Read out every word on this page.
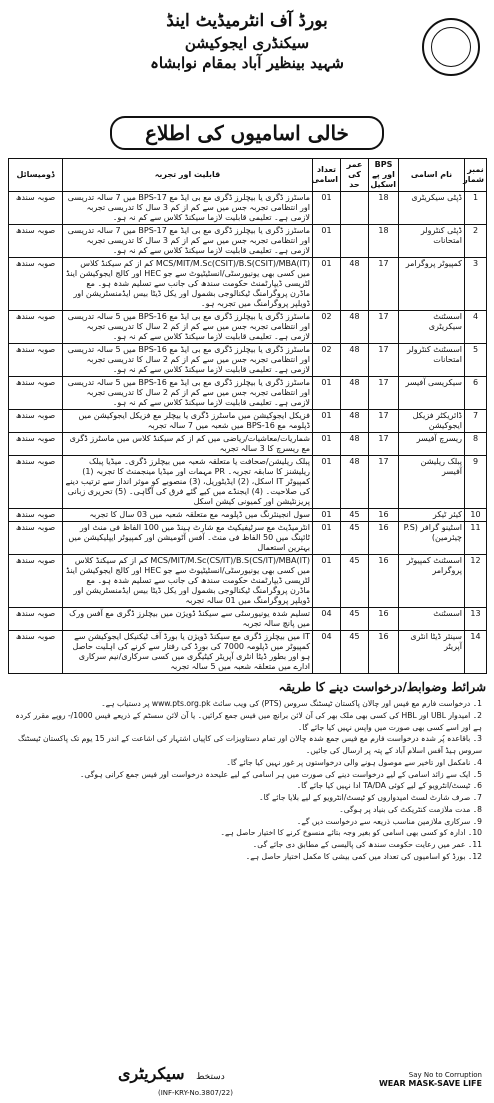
بورڈ آف انٹرمیڈیٹ اینڈ
سیکنڈری ایجوکیشن
شہید بینظیر آباد بمقام نوابشاہ
خالی اسامیوں کی اطلاع
نمبر شمار	نام اسامی	BPS اور پے اسکیل	عمر کی حد	تعداد اسامی	قابلیت اور تجربہ	ڈومیسائل
1	ڈپٹی سیکریٹری	18		01	ماسٹرز ڈگری یا بیچلرز ڈگری مع بی ایڈ مع BPS-17 میں 7 سالہ تدریسی اور انتظامی تجربہ جس میں سے کم از کم 3 سال کا تدریسی تجربہ لازمی ہے۔ تعلیمی قابلیت لازما سیکنڈ کلاس سے کم نہ ہو۔	صوبہ سندھ
2	ڈپٹی کنٹرولر امتحانات	18		01	ماسٹرز ڈگری یا بیچلرز ڈگری مع بی ایڈ مع BPS-17 میں 7 سالہ تدریسی اور انتظامی تجربہ جس میں سے کم از کم 3 سال کا تدریسی تجربہ لازمی ہے۔ تعلیمی قابلیت لازما سیکنڈ کلاس سے کم نہ ہو۔	صوبہ سندھ
3	کمپیوٹر پروگرامر	17	48	01	MCS/MIT/M.Sc(CSIT)/B.S(CSIT)/MBA(IT) کم از کم سیکنڈ کلاس میں کسی بھی یونیورسٹی/انسٹیٹیوٹ سے جو HEC اور کالج ایجوکیشن اینڈ لٹریسی ڈیپارٹمنٹ حکومت سندھ کی جانب سے تسلیم شدہ ہو۔ مع ماڈرن پروگرامنگ ٹیکنالوجی بشمول اور یکل ڈیٹا بیس ایڈمنسٹریشن اور ڈویلپر پروگرامنگ میں تجربہ ہو۔	صوبہ سندھ
4	اسسٹنٹ سیکریٹری	17	48	02	ماسٹرز ڈگری یا بیچلرز ڈگری مع بی ایڈ مع BPS-16 میں 5 سالہ تدریسی اور انتظامی تجربہ جس میں سے کم از کم 2 سال کا تدریسی تجربہ لازمی ہے۔ تعلیمی قابلیت لازما سیکنڈ کلاس سے کم نہ ہو۔	صوبہ سندھ
5	اسسٹنٹ کنٹرولر امتحانات	17	48	02	ماسٹرز ڈگری یا بیچلرز ڈگری مع بی ایڈ مع BPS-16 میں 5 سالہ تدریسی اور انتظامی تجربہ جس میں سے کم از کم 2 سال کا تدریسی تجربہ لازمی ہے۔ تعلیمی قابلیت لازما سیکنڈ کلاس سے کم نہ ہو۔	صوبہ سندھ
6	سیکریسی آفیسر	17	48	01	ماسٹرز ڈگری یا بیچلرز ڈگری مع بی ایڈ مع BPS-16 میں 5 سالہ تدریسی اور انتظامی تجربہ جس میں سے کم از کم 2 سال کا تدریسی تجربہ لازمی ہے۔ تعلیمی قابلیت لازما سیکنڈ کلاس سے کم نہ ہو۔	صوبہ سندھ
7	ڈائریکٹر فزیکل ایجوکیشن	17	48	01	فزیکل ایجوکیشن میں ماسٹرز ڈگری یا بیچلر مع فزیکل ایجوکیشن میں ڈپلومہ مع BPS-16 میں شعبہ میں 7 سالہ تجربہ	صوبہ سندھ
8	ریسرچ آفیسر	17	48	01	شماریات/معاشیات/ریاضی میں کم از کم سیکنڈ کلاس میں ماسٹرز ڈگری مع ریسرچ کا 3 سالہ تجربہ	صوبہ سندھ
9	پبلک ریلیشن آفیسر	17	48	01	پبلک ریلیشن/صحافت یا متعلقہ شعبہ میں بیچلرز ڈگری۔ میڈیا پبلک ریلیشنز کا سابقہ تجربہ۔ PR مہمات اور میڈیا مینجمنٹ کا تجربہ (1) کمپیوٹر IT اسکل، (2) ایڈیٹوریل، (3) منصوبے کو موثر انداز سے ترتیب دینے کی صلاحیت۔ (4) ایجنڈے میں کیے گئے فرق کی آگاہی۔ (5) تحریری زبانی پریزنٹیشن اور کمیونی کیشن اسکل	صوبہ سندھ
10	کیئر ٹیکر	16	45	01	سول انجینئرنگ میں ڈپلومہ مع متعلقہ شعبہ میں 03 سال کا تجربہ	صوبہ سندھ
11	اسٹینو گرافر (P.S چیئرمین)	16	45	01	انٹرمیڈیٹ مع سرٹیفیکیٹ مع شارٹ ہینڈ میں 100 الفاظ فی منٹ اور ٹائپنگ میں 50 الفاظ فی منٹ۔ آفس آٹومیشن اور کمپیوٹر ایپلیکیشن میں بہترین استعمال	صوبہ سندھ
12	اسسٹنٹ کمپیوٹر پروگرامر	16	45	01	MCS/MIT/M.Sc(CS/IT)/B.S(CS/IT)/MBA(IT) کم از کم سیکنڈ کلاس میں کسی بھی یونیورسٹی/انسٹیٹیوٹ سے جو HEC اور کالج ایجوکیشن اینڈ لٹریسی ڈیپارٹمنٹ حکومت سندھ کی جانب سے تسلیم شدہ ہو۔ مع ماڈرن پروگرامنگ ٹیکنالوجی بشمول اور یکل ڈیٹا بیس ایڈمنسٹریشن اور ڈویلپر پروگرامنگ میں 01 سالہ تجربہ	صوبہ سندھ
13	اسسٹنٹ	16	45	04	تسلیم شدہ یونیورسٹی سے سیکنڈ ڈویژن میں بیچلرز ڈگری مع آفس ورک میں پانچ سالہ تجربہ	صوبہ سندھ
14	سینئر ڈیٹا انٹری آپریٹر	16	45	04	IT میں بیچلرز ڈگری مع سیکنڈ ڈویژن یا بورڈ آف ٹیکنیکل ایجوکیشن سے کمپیوٹر میں ڈپلومہ 7000 کی بورڈ کی رفتار سے کرنے کی اہلیت حاصل ہو اور بطور ڈیٹا انٹری آپریٹر کیٹیگری میں کسی سرکاری/نیم سرکاری ادارے میں متعلقہ شعبہ میں 5 سالہ تجربہ	صوبہ سندھ
شرائط وضوابط/درخواست دینے کا طریقہ

1۔ درخواست فارم مع فیس اور چالان پاکستان ٹیسٹنگ سروس (PTS) کی ویب سائٹ www.pts.org.pk پر دستیاب ہے۔

2۔ امیدوار UBL اور HBL کی کسی بھی ملک بھر کی آن لائن برانچ میں فیس جمع کرائیں۔ یا آن لائن سسٹم کے ذریعے فیس 1000/- روپے مقرر کردہ ہے اور اسے کسی بھی صورت میں واپس نہیں کیا جائے گا۔

3۔ باقاعدہ پُر شدہ درخواست فارم مع فیس جمع شدہ چالان اور تمام دستاویزات کی کاپیاں اشتہار کی اشاعت کے اندر 15 یوم تک پاکستان ٹیسٹنگ سروس ہیڈ آفس اسلام آباد کے پتہ پر ارسال کی جائیں۔

4۔ نامکمل اور تاخیر سے موصول ہونے والی درخواستوں پر غور نہیں کیا جائے گا۔

5۔ ایک سے زائد اسامی کے لیے درخواست دینے کی صورت میں ہر اسامی کے لیے علیحدہ درخواست اور فیس جمع کرانی ہوگی۔

6۔ ٹیسٹ/انٹرویو کے لیے کوئی TA/DA ادا نہیں کیا جائے گا۔

7۔ صرف شارٹ لسٹ امیدواروں کو ٹیسٹ/انٹرویو کے لیے بلایا جائے گا۔

8۔ مدت ملازمت کنٹریکٹ کی بنیاد پر ہوگی۔

9۔ سرکاری ملازمین مناسب ذریعہ سے درخواست دیں گے۔

10۔ ادارہ کو کسی بھی اسامی کو بغیر وجہ بتائے منسوخ کرنے کا اختیار حاصل ہے۔

11۔ عمر میں رعایت حکومت سندھ کی پالیسی کے مطابق دی جائے گی۔

12۔ بورڈ کو اسامیوں کی تعداد میں کمی بیشی کا مکمل اختیار حاصل ہے۔

دستخط سیکریٹری
(INF-KRY-No.3807/22)
Say No to Corruption
WEAR MASK-SAVE LIFE
